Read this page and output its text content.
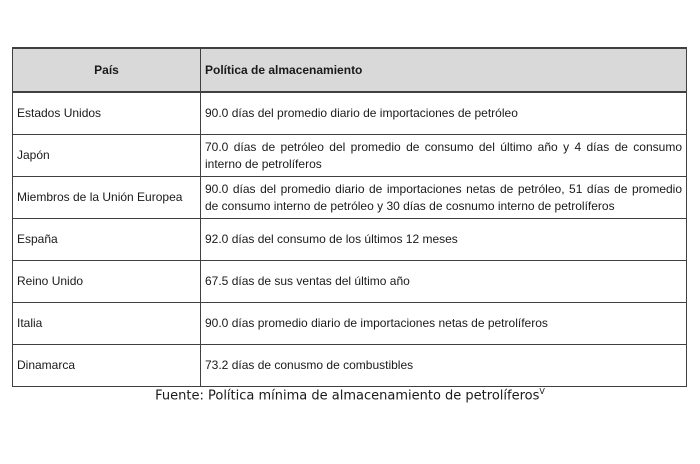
País	Política de almacenamiento
Estados Unidos	90.0 días del promedio diario de importaciones de petróleo
Japón	70.0 días de petróleo del promedio de consumo del último año y 4 días de consumo interno de petrolíferos
Miembros de la Unión Europea	90.0 días del promedio diario de importaciones netas de petróleo, 51 días de promedio de consumo interno de petróleo y 30 días de cosnumo interno de petrolíferos
España	92.0 días del consumo de los últimos 12 meses
Reino Unido	67.5 días de sus ventas del último año
Italia	90.0 días promedio diario de importaciones netas de petrolíferos
Dinamarca	73.2 días de conusmo de combustibles
Fuente: Política mínima de almacenamiento de petrolíferos$^V$
